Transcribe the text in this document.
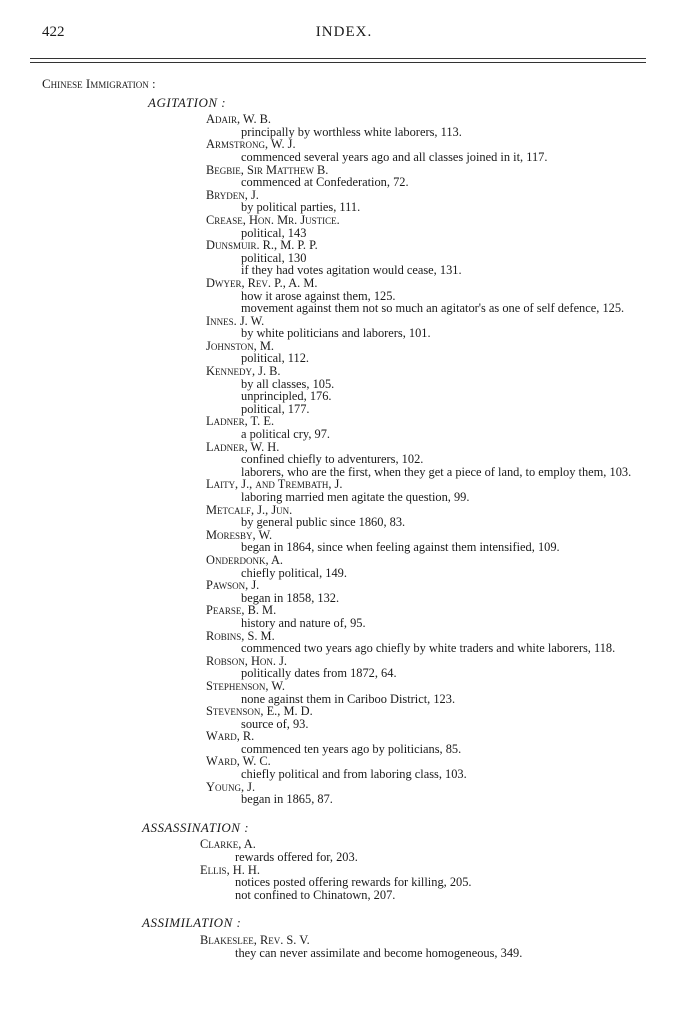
422	INDEX.
Chinese Immigration :
AGITATION :
Adair, W. B.
principally by worthless white laborers, 113.
Armstrong, W. J.
commenced several years ago and all classes joined in it, 117.
Begbie, Sir Matthew B.
commenced at Confederation, 72.
Bryden, J.
by political parties, 111.
Crease, Hon. Mr. Justice.
political, 143
Dunsmuir. R., M. P. P.
political, 130
if they had votes agitation would cease, 131.
Dwyer, Rev. P., A. M.
how it arose against them, 125.
movement against them not so much an agitator's as one of self defence, 125.
Innes. J. W.
by white politicians and laborers, 101.
Johnston, M.
political, 112.
Kennedy, J. B.
by all classes, 105.
unprincipled, 176.
political, 177.
Ladner, T. E.
a political cry, 97.
Ladner, W. H.
confined chiefly to adventurers, 102.
laborers, who are the first, when they get a piece of land, to employ them, 103.
Laity, J., and Trembath, J.
laboring married men agitate the question, 99.
Metcalf, J., Jun.
by general public since 1860, 83.
Moresby, W.
began in 1864, since when feeling against them intensified, 109.
Onderdonk, A.
chiefly political, 149.
Pawson, J.
began in 1858, 132.
Pearse, B. M.
history and nature of, 95.
Robins, S. M.
commenced two years ago chiefly by white traders and white laborers, 118.
Robson, Hon. J.
politically dates from 1872, 64.
Stephenson, W.
none against them in Cariboo District, 123.
Stevenson, E., M. D.
source of, 93.
Ward, R.
commenced ten years ago by politicians, 85.
Ward, W. C.
chiefly political and from laboring class, 103.
Young, J.
began in 1865, 87.
ASSASSINATION :
Clarke, A.
rewards offered for, 203.
Ellis, H. H.
notices posted offering rewards for killing, 205.
not confined to Chinatown, 207.
ASSIMILATION :
Blakeslee, Rev. S. V.
they can never assimilate and become homogeneous, 349.
